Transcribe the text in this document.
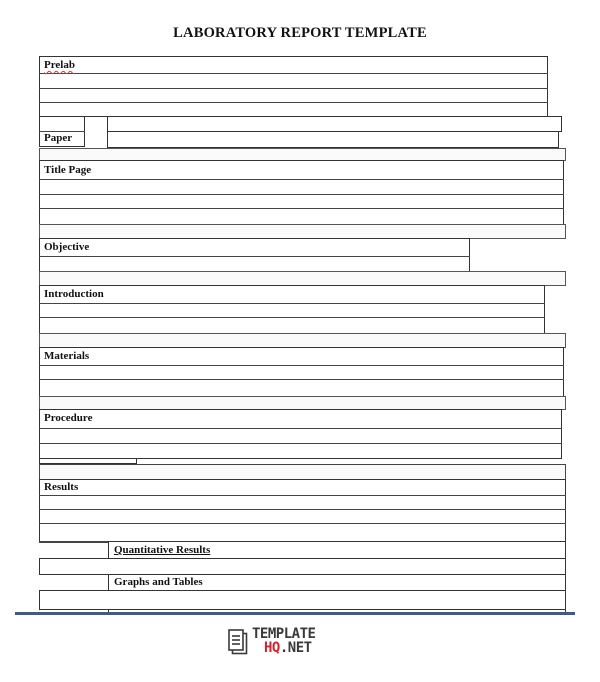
LABORATORY REPORT TEMPLATE
Prelab
Paper
Title Page
Objective
Introduction
Materials
Procedure
Results
Quantitative Results
Graphs and Tables
TEMPLATE
HQ.NET
